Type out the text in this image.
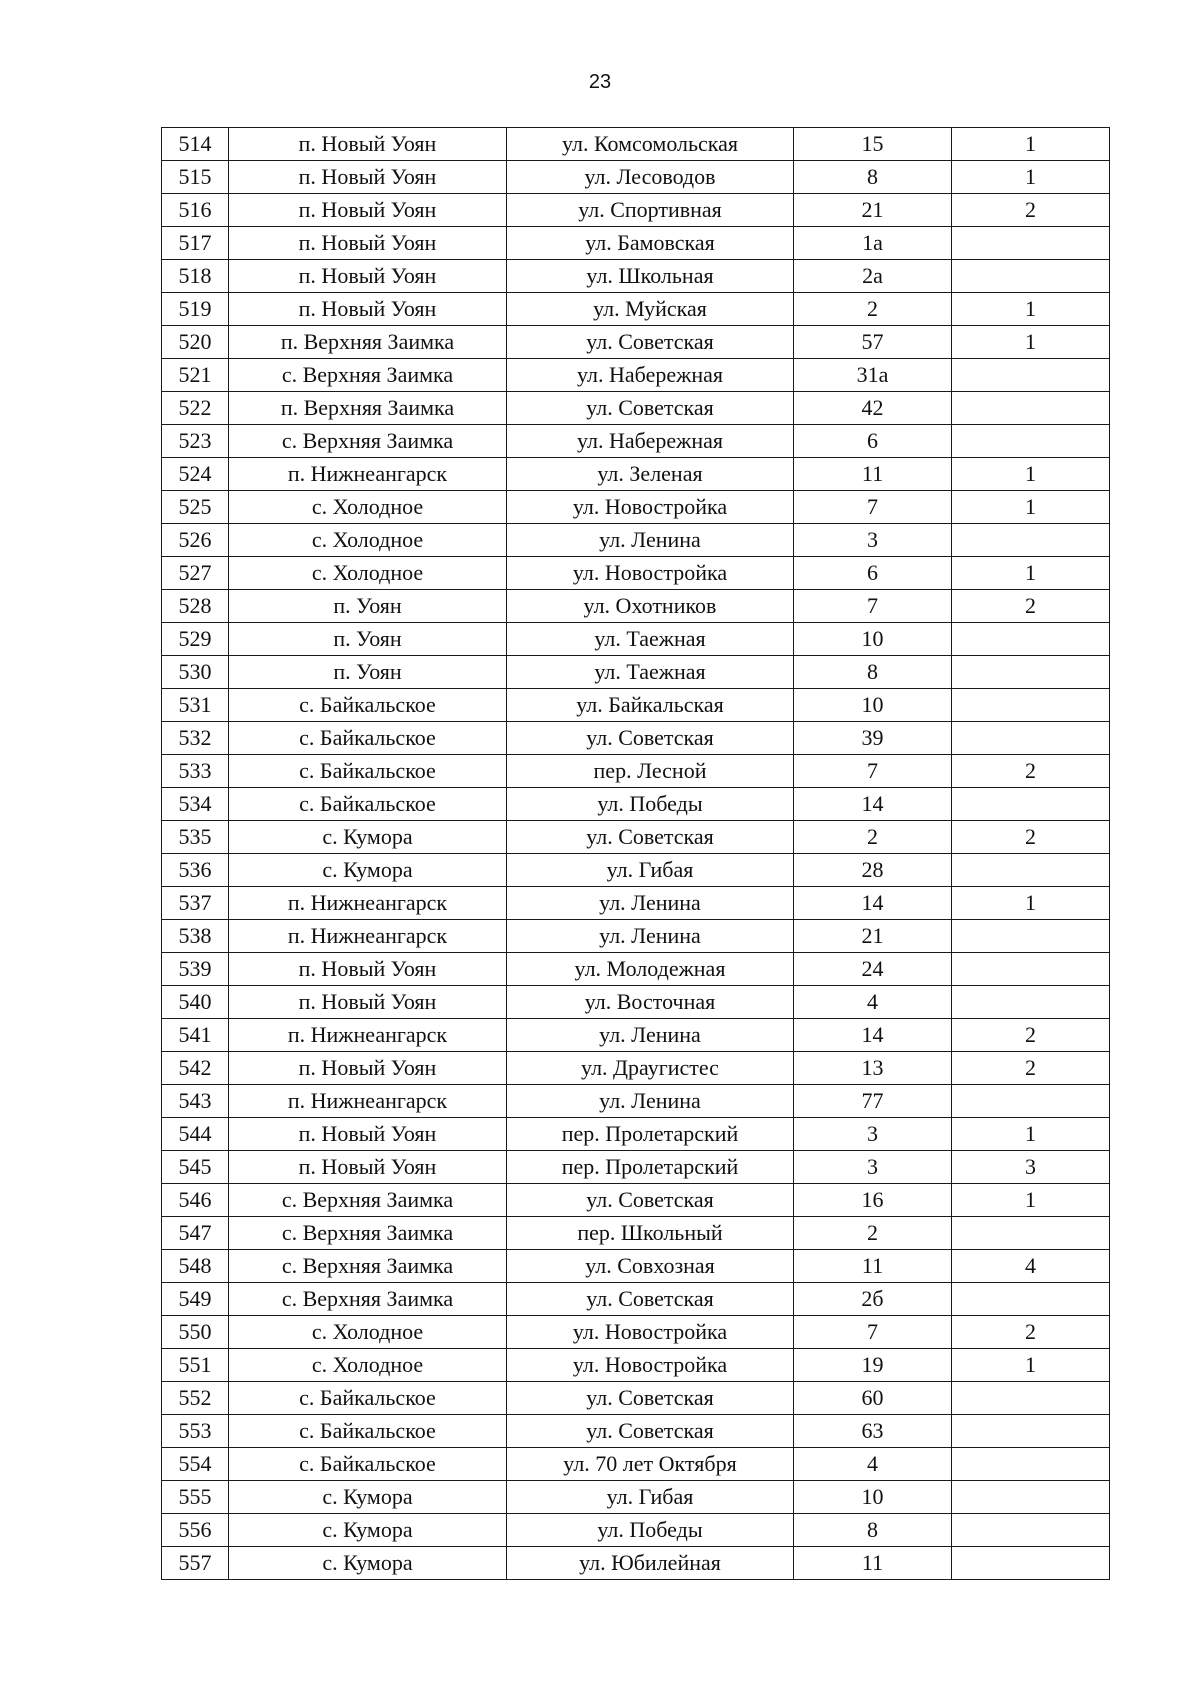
23
514	п. Новый Уоян	ул. Комсомольская	15	1
515	п. Новый Уоян	ул. Лесоводов	8	1
516	п. Новый Уоян	ул. Спортивная	21	2
517	п. Новый Уоян	ул. Бамовская	1а	
518	п. Новый Уоян	ул. Школьная	2а	
519	п. Новый Уоян	ул. Муйская	2	1
520	п. Верхняя Заимка	ул. Советская	57	1
521	с. Верхняя Заимка	ул. Набережная	31а	
522	п. Верхняя Заимка	ул. Советская	42	
523	с. Верхняя Заимка	ул. Набережная	6	
524	п. Нижнеангарск	ул. Зеленая	11	1
525	с. Холодное	ул. Новостройка	7	1
526	с. Холодное	ул. Ленина	3	
527	с. Холодное	ул. Новостройка	6	1
528	п. Уоян	ул. Охотников	7	2
529	п. Уоян	ул. Таежная	10	
530	п. Уоян	ул. Таежная	8	
531	с. Байкальское	ул. Байкальская	10	
532	с. Байкальское	ул. Советская	39	
533	с. Байкальское	пер. Лесной	7	2
534	с. Байкальское	ул. Победы	14	
535	с. Кумора	ул. Советская	2	2
536	с. Кумора	ул. Гибая	28	
537	п. Нижнеангарск	ул. Ленина	14	1
538	п. Нижнеангарск	ул. Ленина	21	
539	п. Новый Уоян	ул. Молодежная	24	
540	п. Новый Уоян	ул. Восточная	4	
541	п. Нижнеангарск	ул. Ленина	14	2
542	п. Новый Уоян	ул. Драугистес	13	2
543	п. Нижнеангарск	ул. Ленина	77	
544	п. Новый Уоян	пер. Пролетарский	3	1
545	п. Новый Уоян	пер. Пролетарский	3	3
546	с. Верхняя Заимка	ул. Советская	16	1
547	с. Верхняя Заимка	пер. Школьный	2	
548	с. Верхняя Заимка	ул. Совхозная	11	4
549	с. Верхняя Заимка	ул. Советская	2б	
550	с. Холодное	ул. Новостройка	7	2
551	с. Холодное	ул. Новостройка	19	1
552	с. Байкальское	ул. Советская	60	
553	с. Байкальское	ул. Советская	63	
554	с. Байкальское	ул. 70 лет Октября	4	
555	с. Кумора	ул. Гибая	10	
556	с. Кумора	ул. Победы	8	
557	с. Кумора	ул. Юбилейная	11	
